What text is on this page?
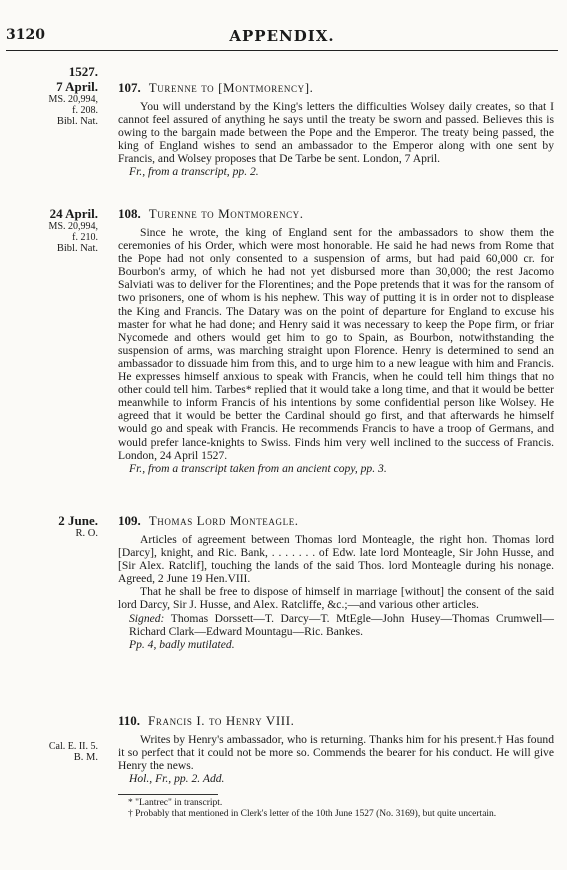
3120	APPENDIX.
1527.
7 April.
MS. 20,994,
f. 208.
Bibl. Nat.
107. Turenne to [Montmorency].

You will understand by the King's letters the difficulties Wolsey daily creates, so that I cannot feel assured of anything he says until the treaty be sworn and passed. Believes this is owing to the bargain made between the Pope and the Emperor. The treaty being passed, the king of England wishes to send an ambassador to the Emperor along with one sent by Francis, and Wolsey proposes that De Tarbe be sent. London, 7 April.

Fr., from a transcript, pp. 2.
24 April.
MS. 20,994,
f. 210.
Bibl. Nat.
108. Turenne to Montmorency.

Since he wrote, the king of England sent for the ambassadors to show them the ceremonies of his Order, which were most honorable. He said he had news from Rome that the Pope had not only consented to a suspension of arms, but had paid 60,000 cr. for Bourbon's army, of which he had not yet disbursed more than 30,000; the rest Jacomo Salviati was to deliver for the Florentines; and the Pope pretends that it was for the ransom of two prisoners, one of whom is his nephew. This way of putting it is in order not to displease the King and Francis. The Datary was on the point of departure for England to excuse his master for what he had done; and Henry said it was necessary to keep the Pope firm, or friar Nycomede and others would get him to go to Spain, as Bourbon, notwithstanding the suspension of arms, was marching straight upon Florence. Henry is determined to send an ambassador to dissuade him from this, and to urge him to a new league with him and Francis. He expresses himself anxious to speak with Francis, when he could tell him things that no other could tell him. Tarbes* replied that it would take a long time, and that it would be better meanwhile to inform Francis of his intentions by some confidential person like Wolsey. He agreed that it would be better the Cardinal should go first, and that afterwards he himself would go and speak with Francis. He recommends Francis to have a troop of Germans, and would prefer lance-knights to Swiss. Finds him very well inclined to the success of Francis. London, 24 April 1527.

Fr., from a transcript taken from an ancient copy, pp. 3.
2 June.
R. O.
109. Thomas Lord Monteagle.

Articles of agreement between Thomas lord Monteagle, the right hon. Thomas lord [Darcy], knight, and Ric. Bank, . . . . . . . of Edw. late lord Monteagle, Sir John Husse, and [Sir Alex. Ratclif], touching the lands of the said Thos. lord Monteagle during his nonage. Agreed, 2 June 19 Hen.VIII.

That he shall be free to dispose of himself in marriage [without] the consent of the said lord Darcy, Sir J. Husse, and Alex. Ratcliffe, &c.;—and various other articles.

Signed: Thomas Dorssett—T. Darcy—T. MtEgle—John Husey—Thomas Crumwell—Richard Clark—Edward Mountagu—Ric. Bankes.
Pp. 4, badly mutilated.
Cal. E. II. 5.
B. M.
110. Francis I. to Henry VIII.

Writes by Henry's ambassador, who is returning. Thanks him for his present.† Has found it so perfect that it could not be more so. Commends the bearer for his conduct. He will give Henry the news.

Hol., Fr., pp. 2. Add.

* "Lantrec" in transcript.

† Probably that mentioned in Clerk's letter of the 10th June 1527 (No. 3169), but quite uncertain.
